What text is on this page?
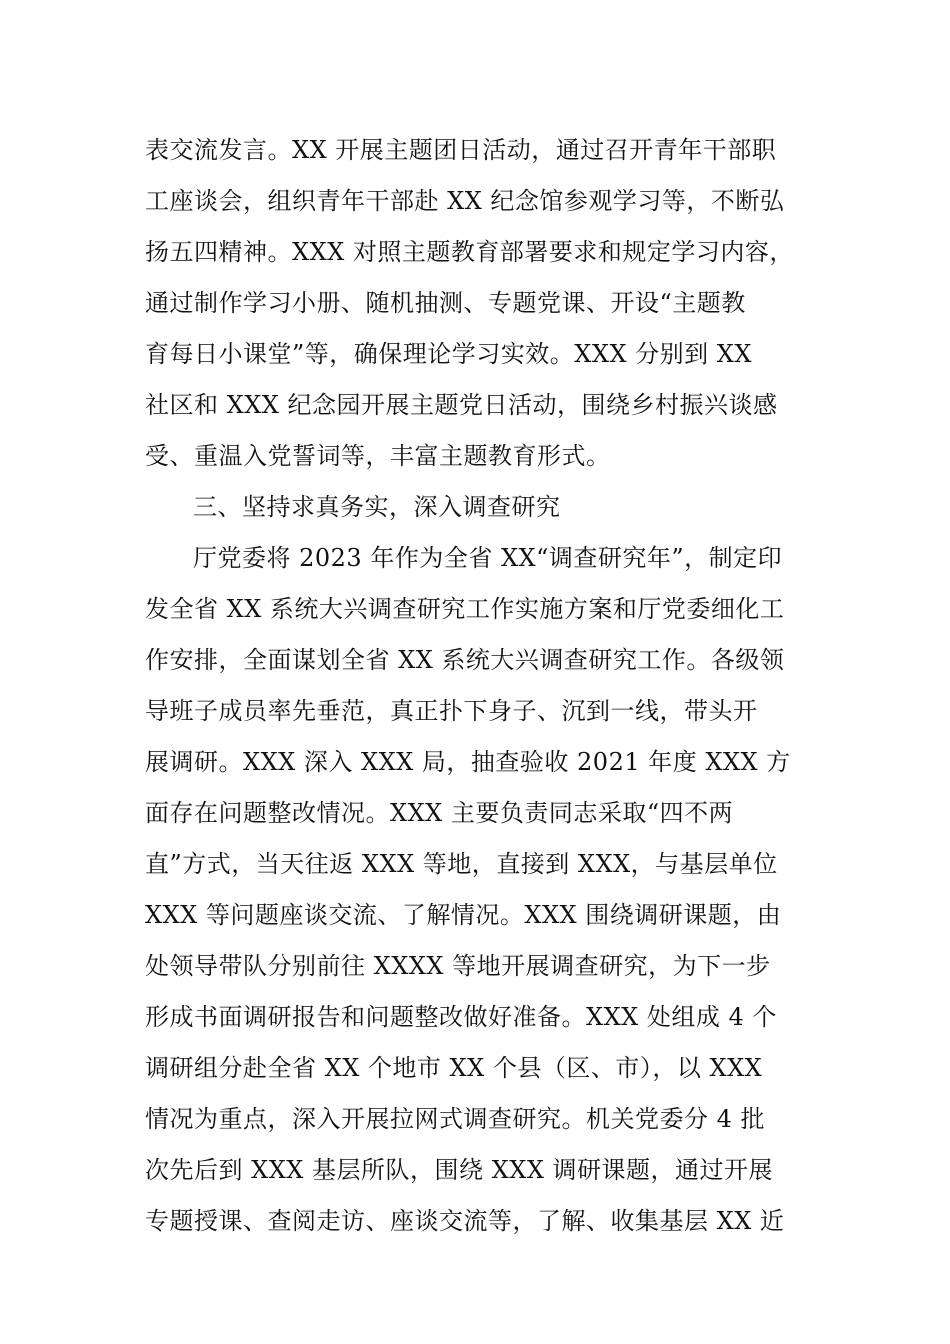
表交流发言。XX 开展主题团日活动，通过召开青年干部职
工座谈会，组织青年干部赴 XX 纪念馆参观学习等，不断弘
扬五四精神。XXX 对照主题教育部署要求和规定学习内容，
通过制作学习小册、随机抽测、专题党课、开设“主题教
育每日小课堂”等，确保理论学习实效。XXX 分别到 XX
社区和 XXX 纪念园开展主题党日活动，围绕乡村振兴谈感
受、重温入党誓词等，丰富主题教育形式。
三、坚持求真务实，深入调查研究
厅党委将 2023 年作为全省 XX“调查研究年”，制定印
发全省 XX 系统大兴调查研究工作实施方案和厅党委细化工
作安排，全面谋划全省 XX 系统大兴调查研究工作。各级领
导班子成员率先垂范，真正扑下身子、沉到一线，带头开
展调研。XXX 深入 XXX 局，抽查验收 2021 年度 XXX 方
面存在问题整改情况。XXX 主要负责同志采取“四不两
直”方式，当天往返 XXX 等地，直接到 XXX，与基层单位
XXX 等问题座谈交流、了解情况。XXX 围绕调研课题，由
处领导带队分别前往 XXXX 等地开展调查研究，为下一步
形成书面调研报告和问题整改做好准备。XXX 处组成 4 个
调研组分赴全省 XX 个地市 XX 个县（区、市），以 XXX
情况为重点，深入开展拉网式调查研究。机关党委分 4 批
次先后到 XXX 基层所队，围绕 XXX 调研课题，通过开展
专题授课、查阅走访、座谈交流等，了解、收集基层 XX 近
